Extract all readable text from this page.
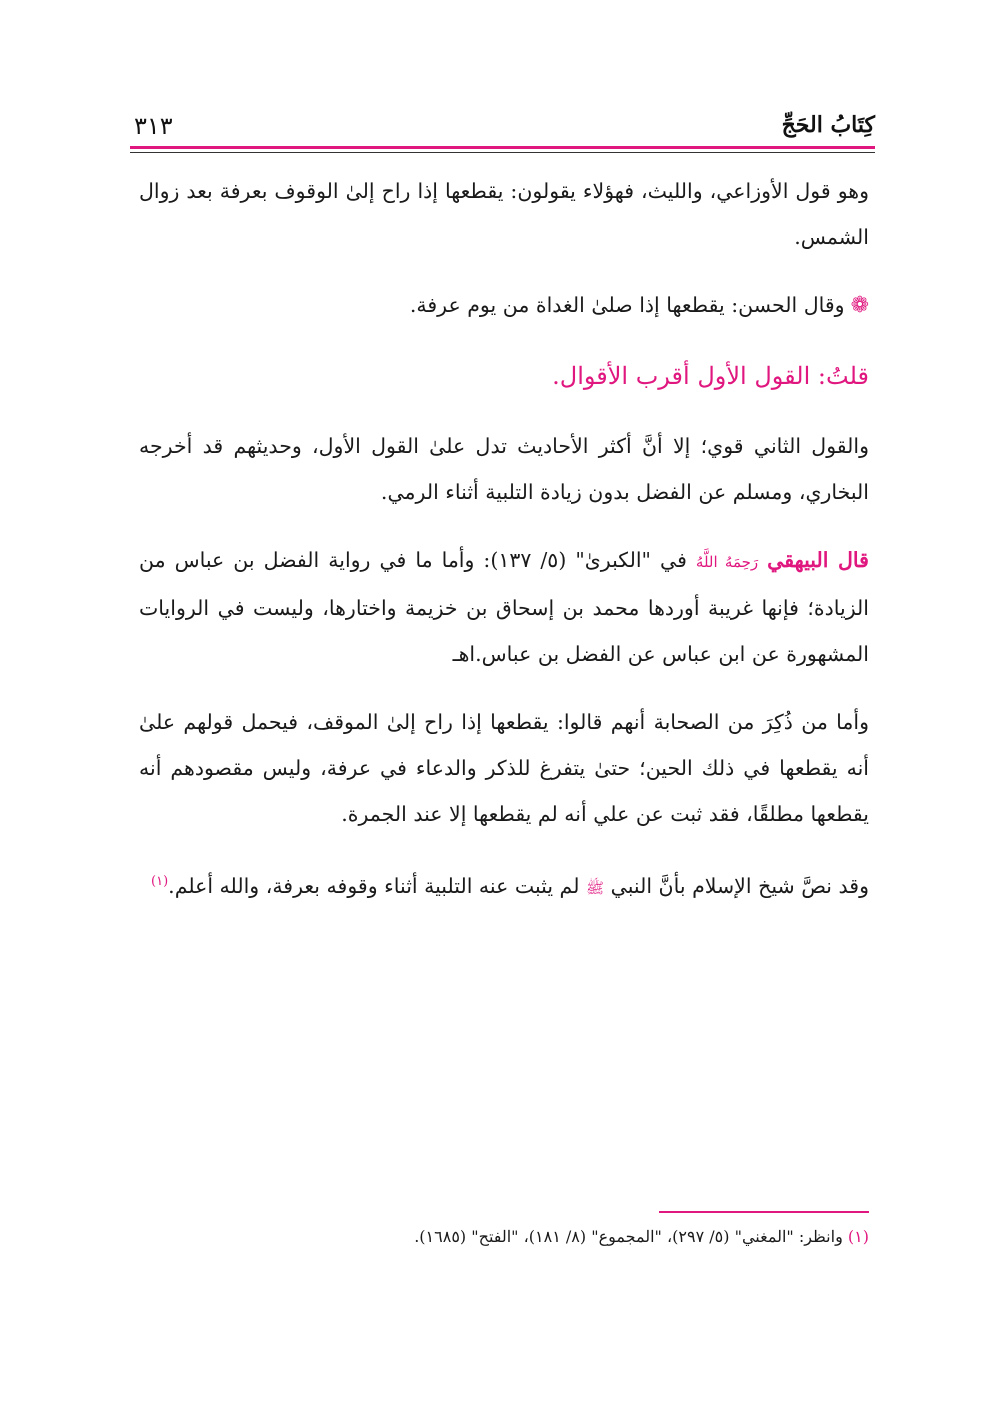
كِتَابُ الحَجِّ
٣١٣

وهو قول الأوزاعي، والليث، فهؤلاء يقولون: يقطعها إذا راح إلىٰ الوقوف بعرفة بعد زوال الشمس.

❁وقال الحسن: يقطعها إذا صلىٰ الغداة من يوم عرفة.

قلتُ: القول الأول أقرب الأقوال.

والقول الثاني قوي؛ إلا أنَّ أكثر الأحاديث تدل علىٰ القول الأول، وحديثهم قد أخرجه البخاري، ومسلم عن الفضل بدون زيادة التلبية أثناء الرمي.

قال البيهقي رَحِمَهُ اللَّهُ في "الكبرىٰ" (٥/ ١٣٧): وأما ما في رواية الفضل بن عباس من الزيادة؛ فإنها غريبة أوردها محمد بن إسحاق بن خزيمة واختارها، وليست في الروايات المشهورة عن ابن عباس عن الفضل بن عباس.اهـ

وأما من ذُكِرَ من الصحابة أنهم قالوا: يقطعها إذا راح إلىٰ الموقف، فيحمل قولهم علىٰ أنه يقطعها في ذلك الحين؛ حتىٰ يتفرغ للذكر والدعاء في عرفة، وليس مقصودهم أنه يقطعها مطلقًا، فقد ثبت عن علي أنه لم يقطعها إلا عند الجمرة.

وقد نصَّ شيخ الإسلام بأنَّ النبي ﷺ لم يثبت عنه التلبية أثناء وقوفه بعرفة، والله أعلم.$^{(١)}$

(١) وانظر: "المغني" (٥/ ٢٩٧)، "المجموع" (٨/ ١٨١)، "الفتح" (١٦٨٥).
